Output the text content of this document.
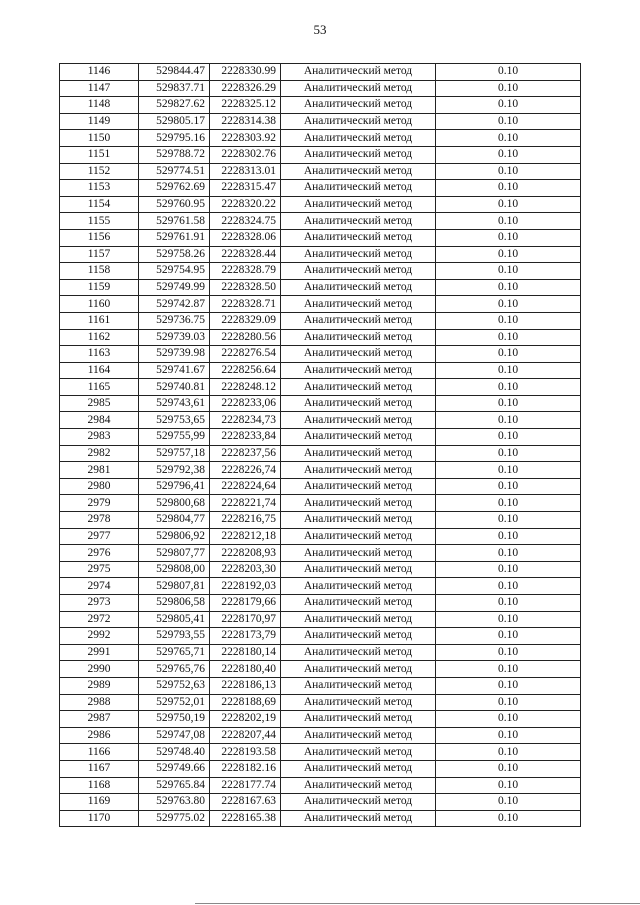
53
1146	529844.47	2228330.99	Аналитический метод	0.10
1147	529837.71	2228326.29	Аналитический метод	0.10
1148	529827.62	2228325.12	Аналитический метод	0.10
1149	529805.17	2228314.38	Аналитический метод	0.10
1150	529795.16	2228303.92	Аналитический метод	0.10
1151	529788.72	2228302.76	Аналитический метод	0.10
1152	529774.51	2228313.01	Аналитический метод	0.10
1153	529762.69	2228315.47	Аналитический метод	0.10
1154	529760.95	2228320.22	Аналитический метод	0.10
1155	529761.58	2228324.75	Аналитический метод	0.10
1156	529761.91	2228328.06	Аналитический метод	0.10
1157	529758.26	2228328.44	Аналитический метод	0.10
1158	529754.95	2228328.79	Аналитический метод	0.10
1159	529749.99	2228328.50	Аналитический метод	0.10
1160	529742.87	2228328.71	Аналитический метод	0.10
1161	529736.75	2228329.09	Аналитический метод	0.10
1162	529739.03	2228280.56	Аналитический метод	0.10
1163	529739.98	2228276.54	Аналитический метод	0.10
1164	529741.67	2228256.64	Аналитический метод	0.10
1165	529740.81	2228248.12	Аналитический метод	0.10
2985	529743,61	2228233,06	Аналитический метод	0.10
2984	529753,65	2228234,73	Аналитический метод	0.10
2983	529755,99	2228233,84	Аналитический метод	0.10
2982	529757,18	2228237,56	Аналитический метод	0.10
2981	529792,38	2228226,74	Аналитический метод	0.10
2980	529796,41	2228224,64	Аналитический метод	0.10
2979	529800,68	2228221,74	Аналитический метод	0.10
2978	529804,77	2228216,75	Аналитический метод	0.10
2977	529806,92	2228212,18	Аналитический метод	0.10
2976	529807,77	2228208,93	Аналитический метод	0.10
2975	529808,00	2228203,30	Аналитический метод	0.10
2974	529807,81	2228192,03	Аналитический метод	0.10
2973	529806,58	2228179,66	Аналитический метод	0.10
2972	529805,41	2228170,97	Аналитический метод	0.10
2992	529793,55	2228173,79	Аналитический метод	0.10
2991	529765,71	2228180,14	Аналитический метод	0.10
2990	529765,76	2228180,40	Аналитический метод	0.10
2989	529752,63	2228186,13	Аналитический метод	0.10
2988	529752,01	2228188,69	Аналитический метод	0.10
2987	529750,19	2228202,19	Аналитический метод	0.10
2986	529747,08	2228207,44	Аналитический метод	0.10
1166	529748.40	2228193.58	Аналитический метод	0.10
1167	529749.66	2228182.16	Аналитический метод	0.10
1168	529765.84	2228177.74	Аналитический метод	0.10
1169	529763.80	2228167.63	Аналитический метод	0.10
1170	529775.02	2228165.38	Аналитический метод	0.10
